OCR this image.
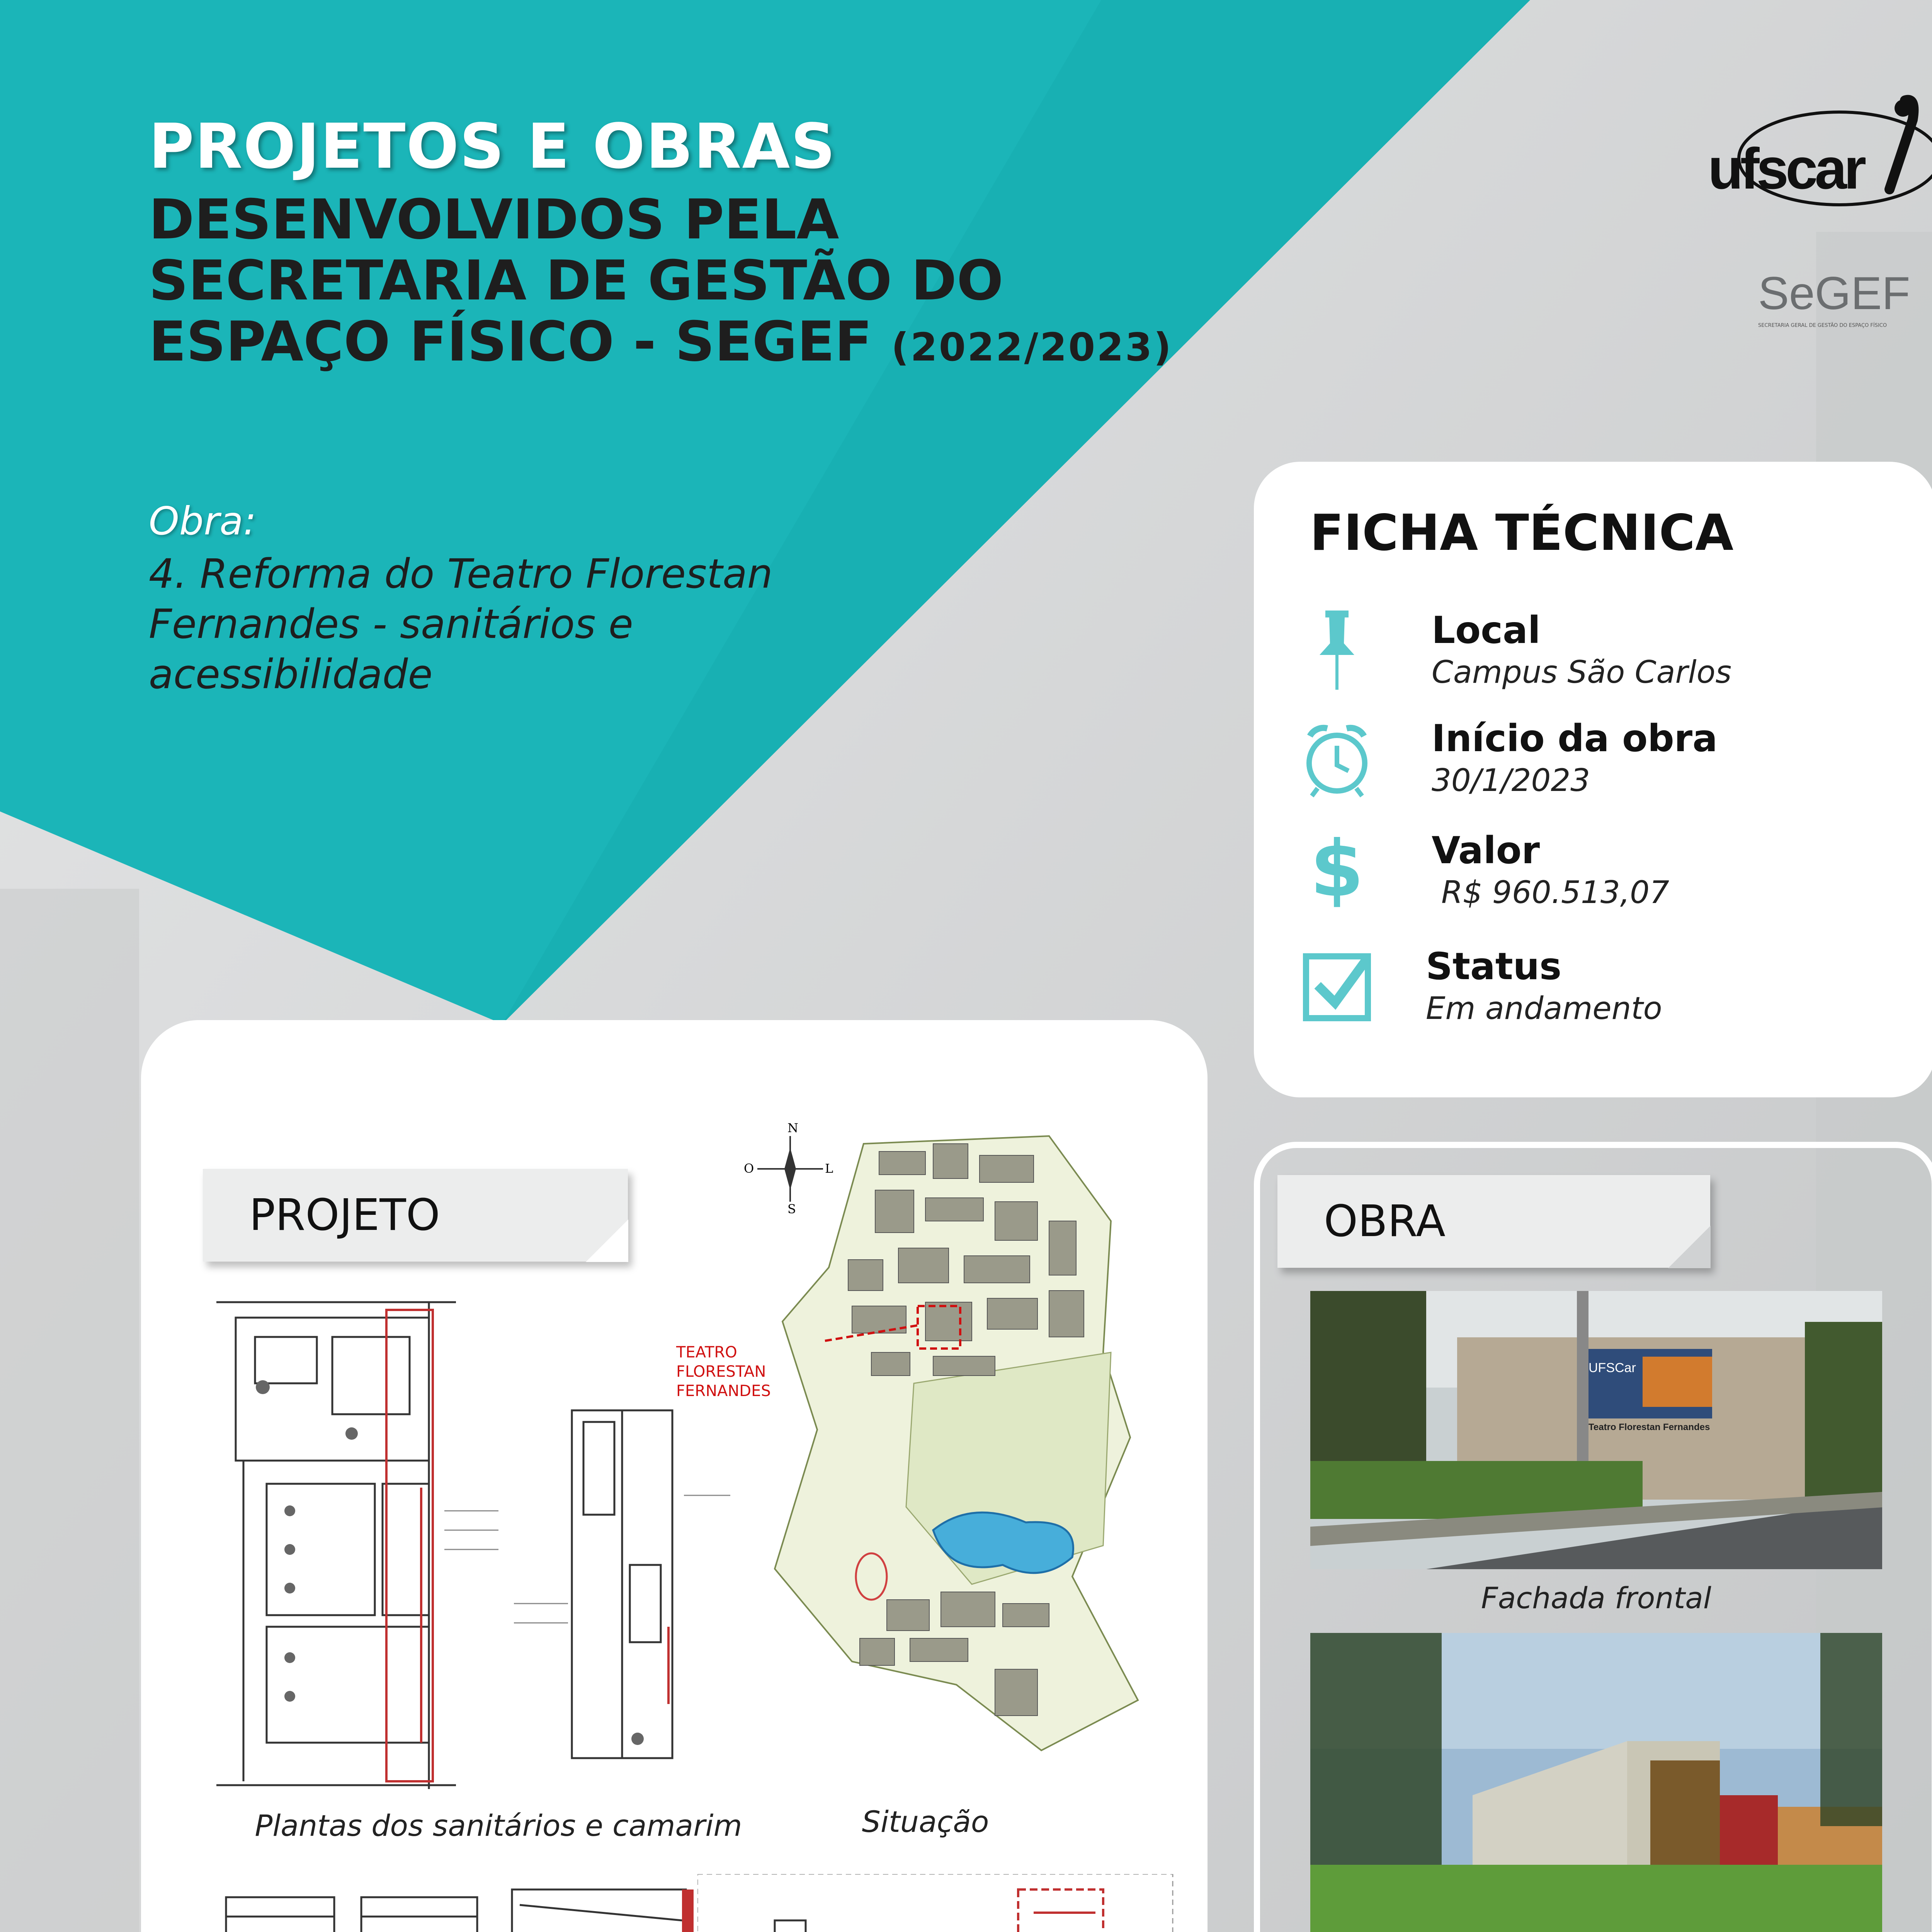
PROJETOS E OBRAS
DESENVOLVIDOS PELA SECRETARIA DE GESTÃO DO ESPAÇO FÍSICO - SEGEF (2022/2023)
ufscar
SeGEF
SECRETARIA GERAL DE GESTÃO DO ESPAÇO FÍSICO
Obra:
4. Reforma do Teatro Florestan Fernandes - sanitários e acessibilidade
FICHA TÉCNICA
Local
Campus São Carlos
Início da obra
30/1/2023
$	Valor
R$ 960.513,07
Status
Em andamento
PROJETO
Plantas dos sanitários e camarim
N
S
L
O
TEATRO
FLORESTAN
FERNANDES
Situação
OBRA
UFSCar
Teatro Florestan Fernandes
Fachada frontal
